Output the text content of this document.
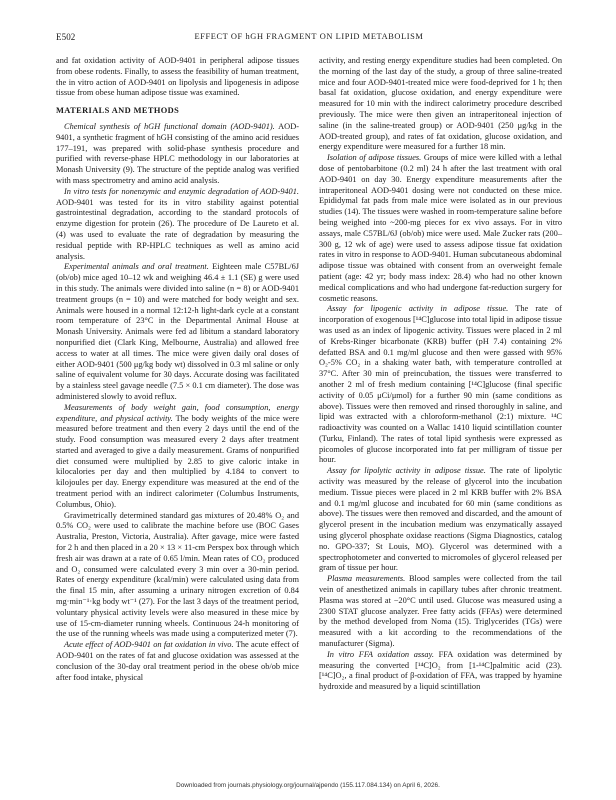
E502	EFFECT OF hGH FRAGMENT ON LIPID METABOLISM

and fat oxidation activity of AOD-9401 in peripheral adipose tissues from obese rodents. Finally, to assess the feasibility of human treatment, the in vitro action of AOD-9401 on lipolysis and lipogenesis in adipose tissue from obese human adipose tissue was examined.

MATERIALS AND METHODS

Chemical synthesis of hGH functional domain (AOD-9401). AOD-9401, a synthetic fragment of hGH consisting of the amino acid residues 177–191, was prepared with solid-phase synthesis procedure and purified with reverse-phase HPLC methodology in our laboratories at Monash University (9). The structure of the peptide analog was verified with mass spectrometry and amino acid analysis.

In vitro tests for nonenzymic and enzymic degradation of AOD-9401. AOD-9401 was tested for its in vitro stability against potential gastrointestinal degradation, according to the standard protocols of enzyme digestion for protein (26). The procedure of De Laureto et al. (4) was used to evaluate the rate of degradation by measuring the residual peptide with RP-HPLC techniques as well as amino acid analysis.

Experimental animals and oral treatment. Eighteen male C57BL/6J (ob/ob) mice aged 10–12 wk and weighing 46.4 ± 1.1 (SE) g were used in this study. The animals were divided into saline (n = 8) or AOD-9401 treatment groups (n = 10) and were matched for body weight and sex. Animals were housed in a normal 12:12-h light-dark cycle at a constant room temperature of 23°C in the Departmental Animal House at Monash University. Animals were fed ad libitum a standard laboratory nonpurified diet (Clark King, Melbourne, Australia) and allowed free access to water at all times. The mice were given daily oral doses of either AOD-9401 (500 μg/kg body wt) dissolved in 0.3 ml saline or only saline of equivalent volume for 30 days. Accurate dosing was facilitated by a stainless steel gavage needle (7.5 × 0.1 cm diameter). The dose was administered slowly to avoid reflux.

Measurements of body weight gain, food consumption, energy expenditure, and physical activity. The body weights of the mice were measured before treatment and then every 2 days until the end of the study. Food consumption was measured every 2 days after treatment started and averaged to give a daily measurement. Grams of nonpurified diet consumed were multiplied by 2.85 to give caloric intake in kilocalories per day and then multiplied by 4.184 to convert to kilojoules per day. Energy expenditure was measured at the end of the treatment period with an indirect calorimeter (Columbus Instruments, Columbus, Ohio).

Gravimetrically determined standard gas mixtures of 20.48% O₂ and 0.5% CO₂ were used to calibrate the machine before use (BOC Gases Australia, Preston, Victoria, Australia). After gavage, mice were fasted for 2 h and then placed in a 20 × 13 × 11-cm Perspex box through which fresh air was drawn at a rate of 0.65 l/min. Mean rates of CO₂ produced and O₂ consumed were calculated every 3 min over a 30-min period. Rates of energy expenditure (kcal/min) were calculated using data from the final 15 min, after assuming a urinary nitrogen excretion of 0.84 mg·min⁻¹·kg body wt⁻¹ (27). For the last 3 days of the treatment period, voluntary physical activity levels were also measured in these mice by use of 15-cm-diameter running wheels. Continuous 24-h monitoring of the use of the running wheels was made using a computerized meter (7).

Acute effect of AOD-9401 on fat oxidation in vivo. The acute effect of AOD-9401 on the rates of fat and glucose oxidation was assessed at the conclusion of the 30-day oral treatment period in the obese ob/ob mice after food intake, physical

activity, and resting energy expenditure studies had been completed. On the morning of the last day of the study, a group of three saline-treated mice and four AOD-9401-treated mice were food-deprived for 1 h; then basal fat oxidation, glucose oxidation, and energy expenditure were measured for 10 min with the indirect calorimetry procedure described previously. The mice were then given an intraperitoneal injection of saline (in the saline-treated group) or AOD-9401 (250 μg/kg in the AOD-treated group), and rates of fat oxidation, glucose oxidation, and energy expenditure were measured for a further 18 min.

Isolation of adipose tissues. Groups of mice were killed with a lethal dose of pentobarbitone (0.2 ml) 24 h after the last treatment with oral AOD-9401 on day 30. Energy expenditure measurements after the intraperitoneal AOD-9401 dosing were not conducted on these mice. Epididymal fat pads from male mice were isolated as in our previous studies (14). The tissues were washed in room-temperature saline before being weighed into ~200-mg pieces for ex vivo assays. For in vitro assays, male C57BL/6J (ob/ob) mice were used. Male Zucker rats (200–300 g, 12 wk of age) were used to assess adipose tissue fat oxidation rates in vitro in response to AOD-9401. Human subcutaneous abdominal adipose tissue was obtained with consent from an overweight female patient (age: 42 yr; body mass index: 28.4) who had no other known medical complications and who had undergone fat-reduction surgery for cosmetic reasons.

Assay for lipogenic activity in adipose tissue. The rate of incorporation of exogenous [¹⁴C]glucose into total lipid in adipose tissue was used as an index of lipogenic activity. Tissues were placed in 2 ml of Krebs-Ringer bicarbonate (KRB) buffer (pH 7.4) containing 2% defatted BSA and 0.1 mg/ml glucose and then were gassed with 95% O₂-5% CO₂ in a shaking water bath, with temperature controlled at 37°C. After 30 min of preincubation, the tissues were transferred to another 2 ml of fresh medium containing [¹⁴C]glucose (final specific activity of 0.05 μCi/μmol) for a further 90 min (same conditions as above). Tissues were then removed and rinsed thoroughly in saline, and lipid was extracted with a chloroform-methanol (2:1) mixture. ¹⁴C radioactivity was counted on a Wallac 1410 liquid scintillation counter (Turku, Finland). The rates of total lipid synthesis were expressed as picomoles of glucose incorporated into fat per milligram of tissue per hour.

Assay for lipolytic activity in adipose tissue. The rate of lipolytic activity was measured by the release of glycerol into the incubation medium. Tissue pieces were placed in 2 ml KRB buffer with 2% BSA and 0.1 mg/ml glucose and incubated for 60 min (same conditions as above). The tissues were then removed and discarded, and the amount of glycerol present in the incubation medium was enzymatically assayed using glycerol phosphate oxidase reactions (Sigma Diagnostics, catalog no. GPO-337; St Louis, MO). Glycerol was determined with a spectrophotometer and converted to micromoles of glycerol released per gram of tissue per hour.

Plasma measurements. Blood samples were collected from the tail vein of anesthetized animals in capillary tubes after chronic treatment. Plasma was stored at −20°C until used. Glucose was measured using a 2300 STAT glucose analyzer. Free fatty acids (FFAs) were determined by the method developed from Noma (15). Triglycerides (TGs) were measured with a kit according to the recommendations of the manufacturer (Sigma).

In vitro FFA oxidation assay. FFA oxidation was determined by measuring the converted [¹⁴C]O₂ from [1-¹⁴C]palmitic acid (23). [¹⁴C]O₂, a final product of β-oxidation of FFA, was trapped by hyamine hydroxide and measured by a liquid scintillation

Downloaded from journals.physiology.org/journal/ajpendo (155.117.084.134) on April 6, 2026.
